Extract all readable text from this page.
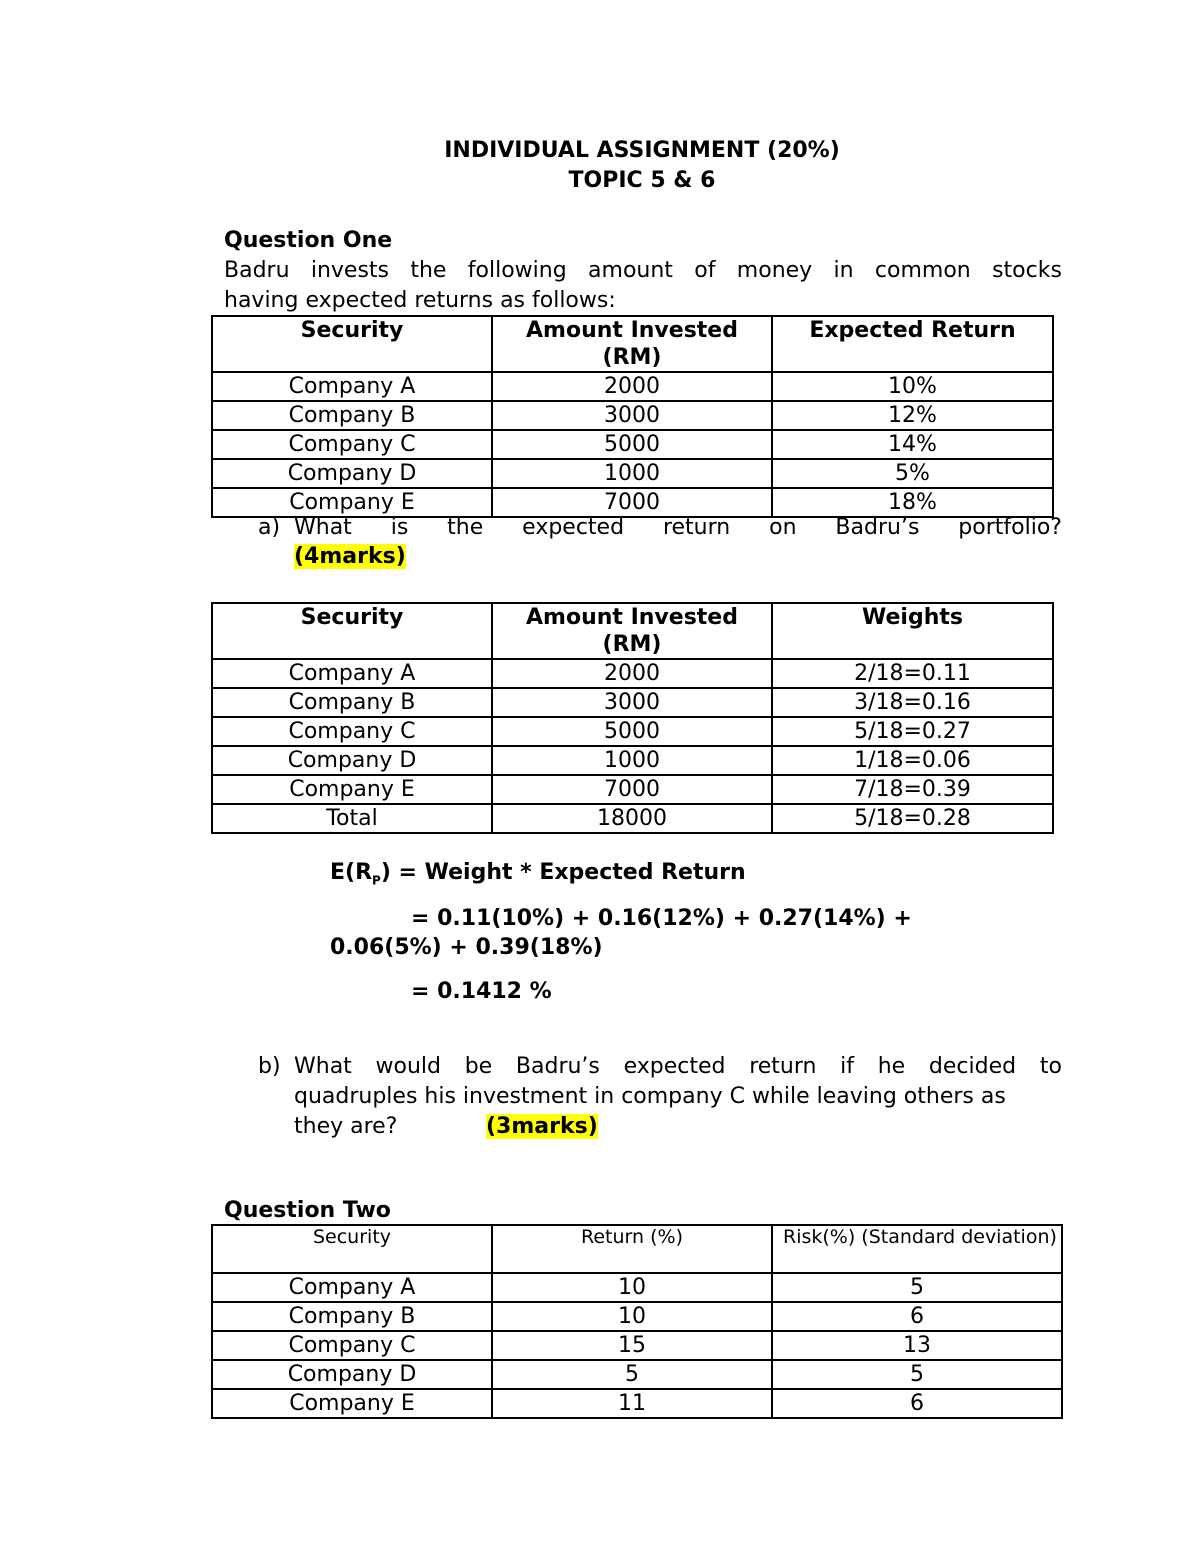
INDIVIDUAL ASSIGNMENT (20%)
TOPIC 5 & 6
Question One
Badru invests the following amount of money in common stocks
having expected returns as follows:
Security	Amount Invested (RM)	Expected Return
Company A	2000	10%
Company B	3000	12%
Company C	5000	14%
Company D	1000	5%
Company E	7000	18%
a) What is the expected return on Badru’s portfolio?
(4marks)
Security	Amount Invested (RM)	Weights
Company A	2000	2/18=0.11
Company B	3000	3/18=0.16
Company C	5000	5/18=0.27
Company D	1000	1/18=0.06
Company E	7000	7/18=0.39
Total	18000	5/18=0.28
$E(R_P)$ = Weight * Expected Return
= 0.11(10%) + 0.16(12%) + 0.27(14%) +
0.06(5%) + 0.39(18%)
= 0.1412 %
b) What would be Badru’s expected return if he decided to
quadruples his investment in company C while leaving others as
they are?	(3marks)
Question Two
Security	Return (%)	Risk(%) (Standard deviation)
Company A	10	5
Company B	10	6
Company C	15	13
Company D	5	5
Company E	11	6
